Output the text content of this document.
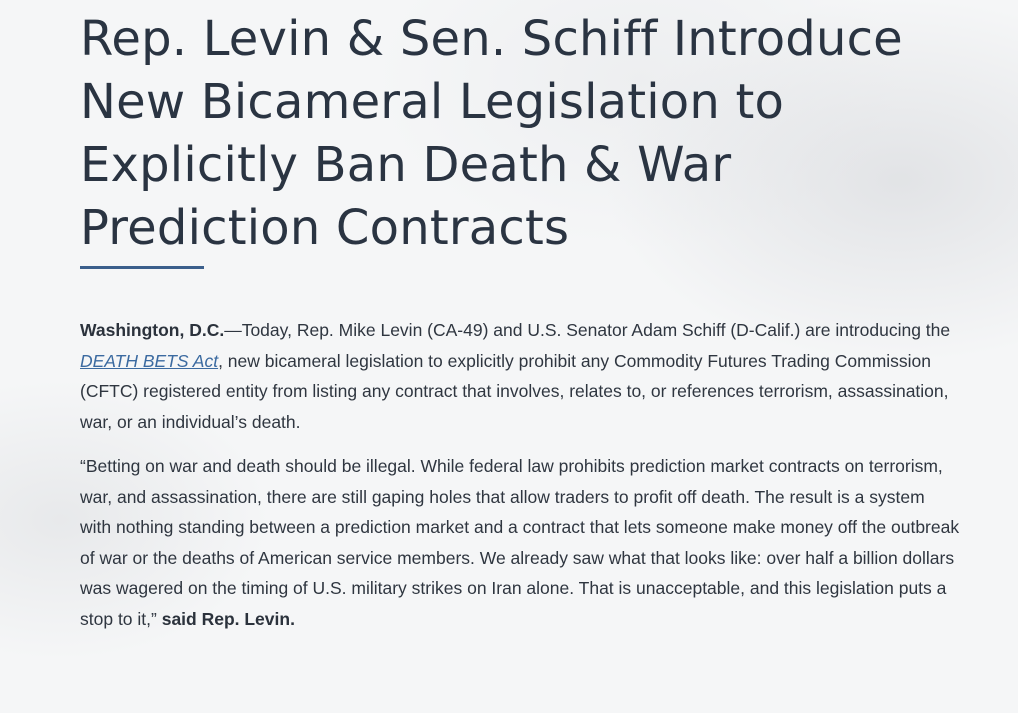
Rep. Levin & Sen. Schiff Introduce New Bicameral Legislation to Explicitly Ban Death & War Prediction Contracts

Washington, D.C.—Today, Rep. Mike Levin (CA-49) and U.S. Senator Adam Schiff (D-Calif.) are introducing the DEATH BETS Act, new bicameral legislation to explicitly prohibit any Commodity Futures Trading Commission (CFTC) registered entity from listing any contract that involves, relates to, or references terrorism, assassination, war, or an individual’s death.

“Betting on war and death should be illegal. While federal law prohibits prediction market contracts on terrorism, war, and assassination, there are still gaping holes that allow traders to profit off death. The result is a system with nothing standing between a prediction market and a contract that lets someone make money off the outbreak of war or the deaths of American service members. We already saw what that looks like: over half a billion dollars was wagered on the timing of U.S. military strikes on Iran alone. That is unacceptable, and this legislation puts a stop to it,” said Rep. Levin.
